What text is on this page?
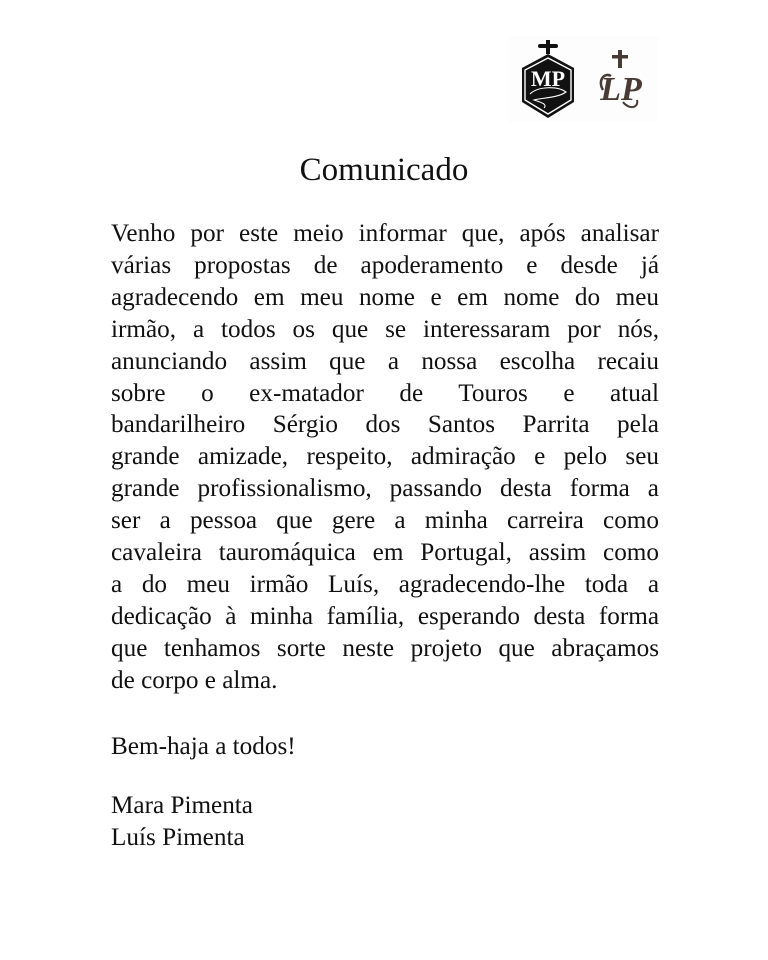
MP LP
Comunicado
Venho por este meio informar que, após analisar
várias propostas de apoderamento e desde já
agradecendo em meu nome e em nome do meu
irmão, a todos os que se interessaram por nós,
anunciando assim que a nossa escolha recaiu
sobre o ex-matador de Touros e atual
bandarilheiro Sérgio dos Santos Parrita pela
grande amizade, respeito, admiração e pelo seu
grande profissionalismo, passando desta forma a
ser a pessoa que gere a minha carreira como
cavaleira tauromáquica em Portugal, assim como
a do meu irmão Luís, agradecendo-lhe toda a
dedicação à minha família, esperando desta forma
que tenhamos sorte neste projeto que abraçamos
de corpo e alma.
Bem-haja a todos!
Mara Pimenta
Luís Pimenta
